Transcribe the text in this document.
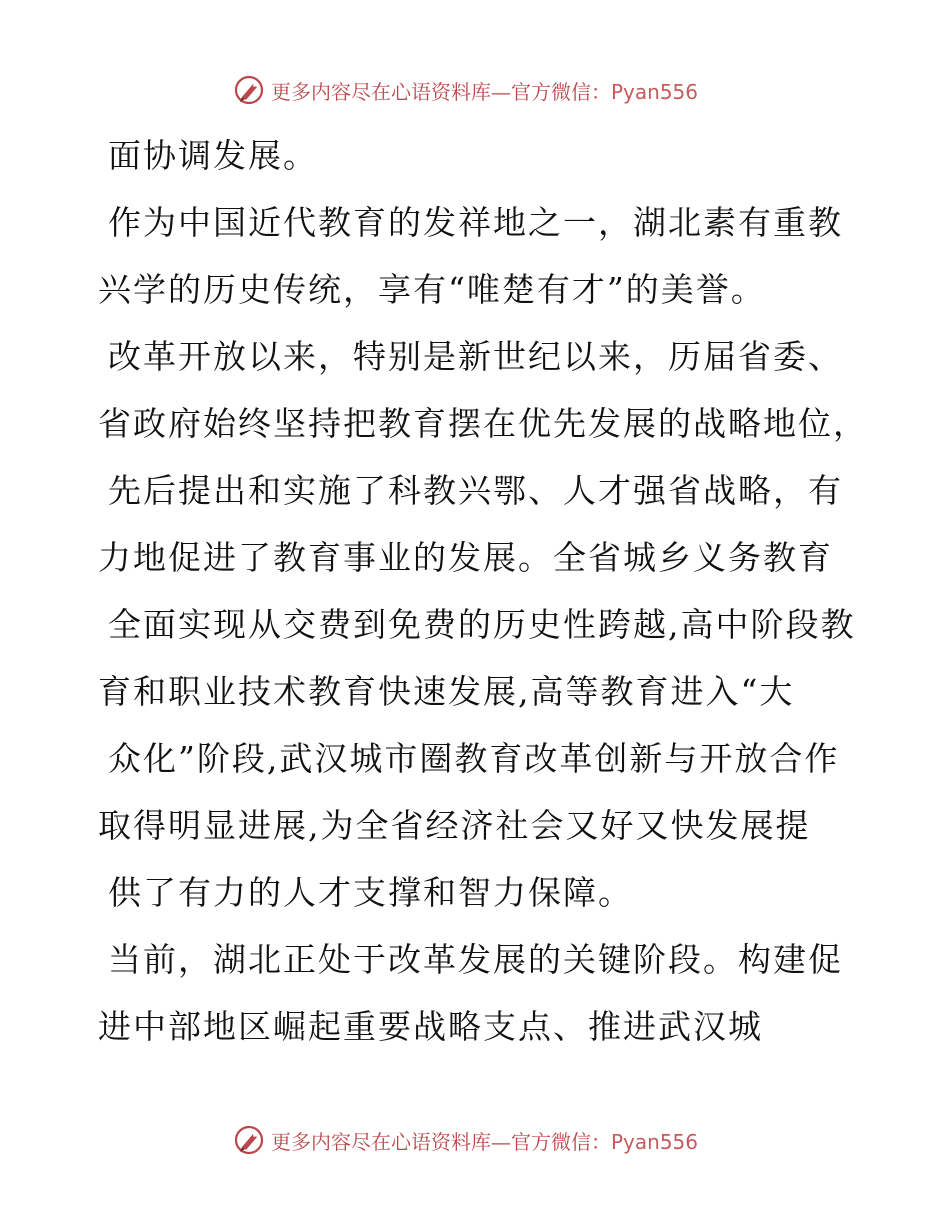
更多内容尽在心语资料库—官方微信：Pyan556
面协调发展。
作为中国近代教育的发祥地之一，湖北素有重教
兴学的历史传统，享有“唯楚有才”的美誉。
改革开放以来，特别是新世纪以来，历届省委、
省政府始终坚持把教育摆在优先发展的战略地位，
先后提出和实施了科教兴鄂、人才强省战略，有
力地促进了教育事业的发展。全省城乡义务教育
全面实现从交费到免费的历史性跨越,高中阶段教
育和职业技术教育快速发展,高等教育进入“大
众化”阶段,武汉城市圈教育改革创新与开放合作
取得明显进展,为全省经济社会又好又快发展提
供了有力的人才支撑和智力保障。
当前，湖北正处于改革发展的关键阶段。构建促
进中部地区崛起重要战略支点、推进武汉城
更多内容尽在心语资料库—官方微信：Pyan556
